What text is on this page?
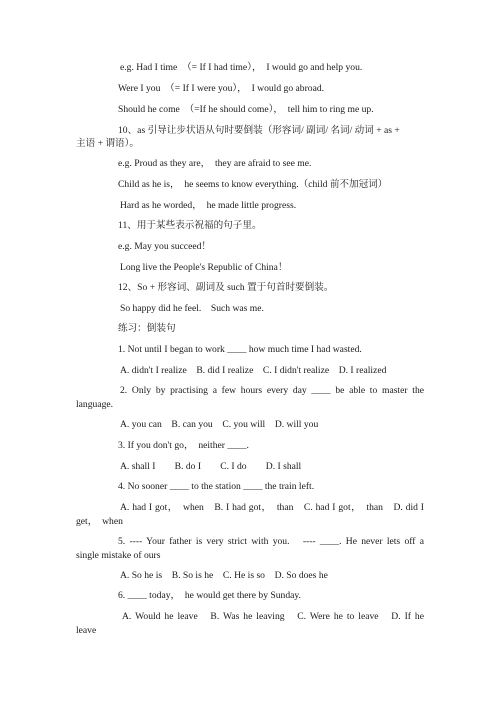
e.g. Had I time　（= If I had time），　I would go and help you.
Were I you　（= If I were you），　I would go abroad.
Should he come　（=If he should come），　tell him to ring me up.
10、as 引导让步状语从句时要倒装（形容词/ 副词/ 名词/ 动词 + as +
主语 + 谓语）。
e.g. Proud as they are，　they are afraid to see me.
Child as he is，　he seems to know everything.（child 前不加冠词）
Hard as he worded，　he made little progress.
11、用于某些表示祝福的句子里。
e.g. May you succeed！
Long live the People's Republic of China！
12、So + 形容词、副词及 such 置于句首时要倒装。
So happy did he feel.　Such was me.
练习：倒装句
1. Not until I began to work ____ how much time I had wasted.
A. didn't I realize　B. did I realize　C. I didn't realize　D. I realized
2. Only by practising a few hours every day ____ be able to master the
language.
A. you can　B. can you　C. you will　D. will you
3. If you don't go，　neither ____.
A. shall I　　B. do I　　C. I do　　D. I shall
4. No sooner ____ to the station ____ the train left.
A. had I got，　when　B. I had got，　than　C. had I got，　than　D. did I
get，　when
5. ---- Your father is very strict with you.　---- ____. He never lets off a
single mistake of ours
A. So he is　B. So is he　C. He is so　D. So does he
6. ____ today，　he would get there by Sunday.
A. Would he leave　B. Was he leaving　C. Were he to leave　D. If he
leave
